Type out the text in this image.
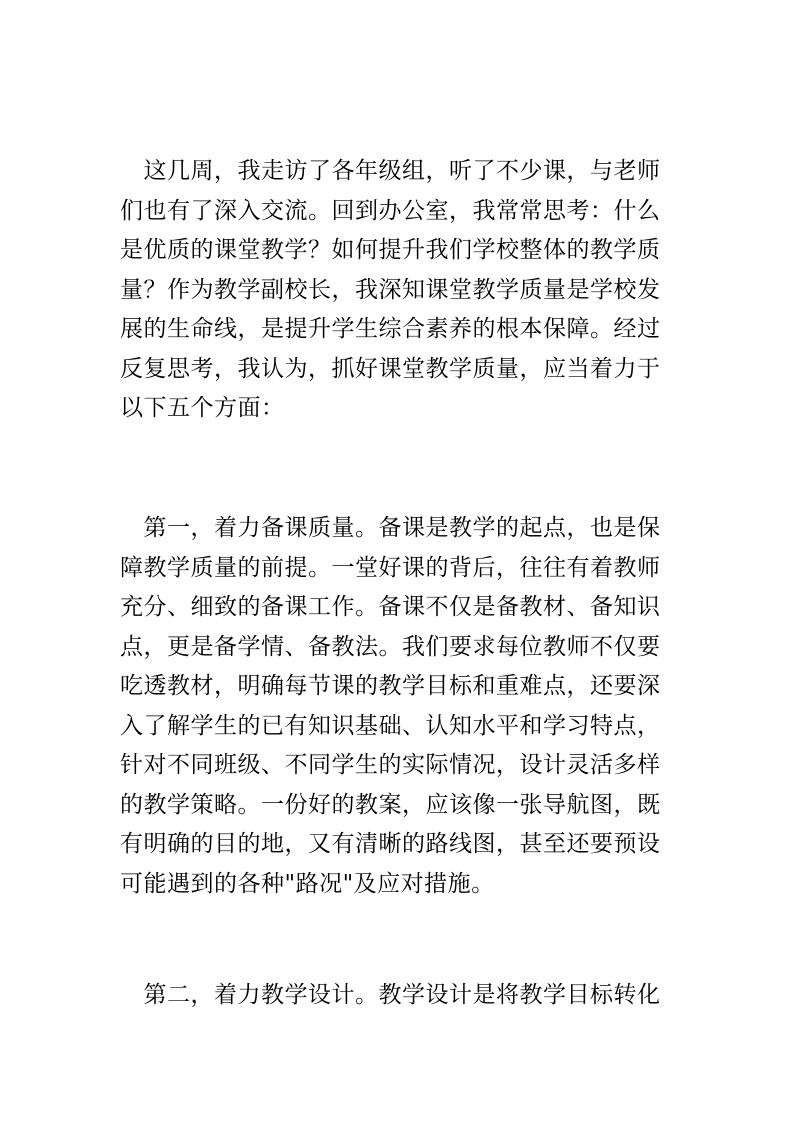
　这几周，我走访了各年级组，听了不少课，与老师
们也有了深入交流。回到办公室，我常常思考：什么
是优质的课堂教学？如何提升我们学校整体的教学质
量？作为教学副校长，我深知课堂教学质量是学校发
展的生命线，是提升学生综合素养的根本保障。经过
反复思考，我认为，抓好课堂教学质量，应当着力于
以下五个方面：
　第一，着力备课质量。备课是教学的起点，也是保
障教学质量的前提。一堂好课的背后，往往有着教师
充分、细致的备课工作。备课不仅是备教材、备知识
点，更是备学情、备教法。我们要求每位教师不仅要
吃透教材，明确每节课的教学目标和重难点，还要深
入了解学生的已有知识基础、认知水平和学习特点，
针对不同班级、不同学生的实际情况，设计灵活多样
的教学策略。一份好的教案，应该像一张导航图，既
有明确的目的地，又有清晰的路线图，甚至还要预设
可能遇到的各种"路况"及应对措施。
　第二，着力教学设计。教学设计是将教学目标转化
